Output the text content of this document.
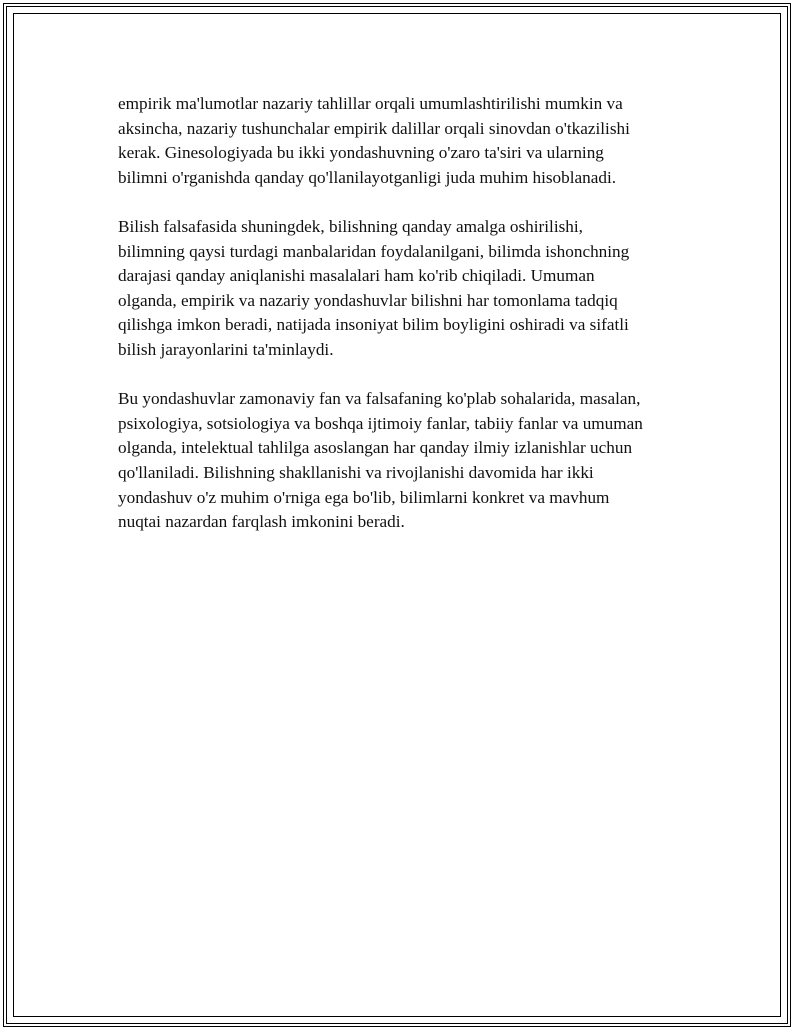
empirik ma'lumotlar nazariy tahlillar orqali umumlashtirilishi mumkin va
aksincha, nazariy tushunchalar empirik dalillar orqali sinovdan o'tkazilishi
kerak. Ginesologiyada bu ikki yondashuvning o'zaro ta'siri va ularning
bilimni o'rganishda qanday qo'llanilayotganligi juda muhim hisoblanadi.

Bilish falsafasida shuningdek, bilishning qanday amalga oshirilishi,
bilimning qaysi turdagi manbalaridan foydalanilgani, bilimda ishonchning
darajasi qanday aniqlanishi masalalari ham ko'rib chiqiladi. Umuman
olganda, empirik va nazariy yondashuvlar bilishni har tomonlama tadqiq
qilishga imkon beradi, natijada insoniyat bilim boyligini oshiradi va sifatli
bilish jarayonlarini ta'minlaydi.

Bu yondashuvlar zamonaviy fan va falsafaning ko'plab sohalarida, masalan,
psixologiya, sotsiologiya va boshqa ijtimoiy fanlar, tabiiy fanlar va umuman
olganda, intelektual tahlilga asoslangan har qanday ilmiy izlanishlar uchun
qo'llaniladi. Bilishning shakllanishi va rivojlanishi davomida har ikki
yondashuv o'z muhim o'rniga ega bo'lib, bilimlarni konkret va mavhum
nuqtai nazardan farqlash imkonini beradi.
